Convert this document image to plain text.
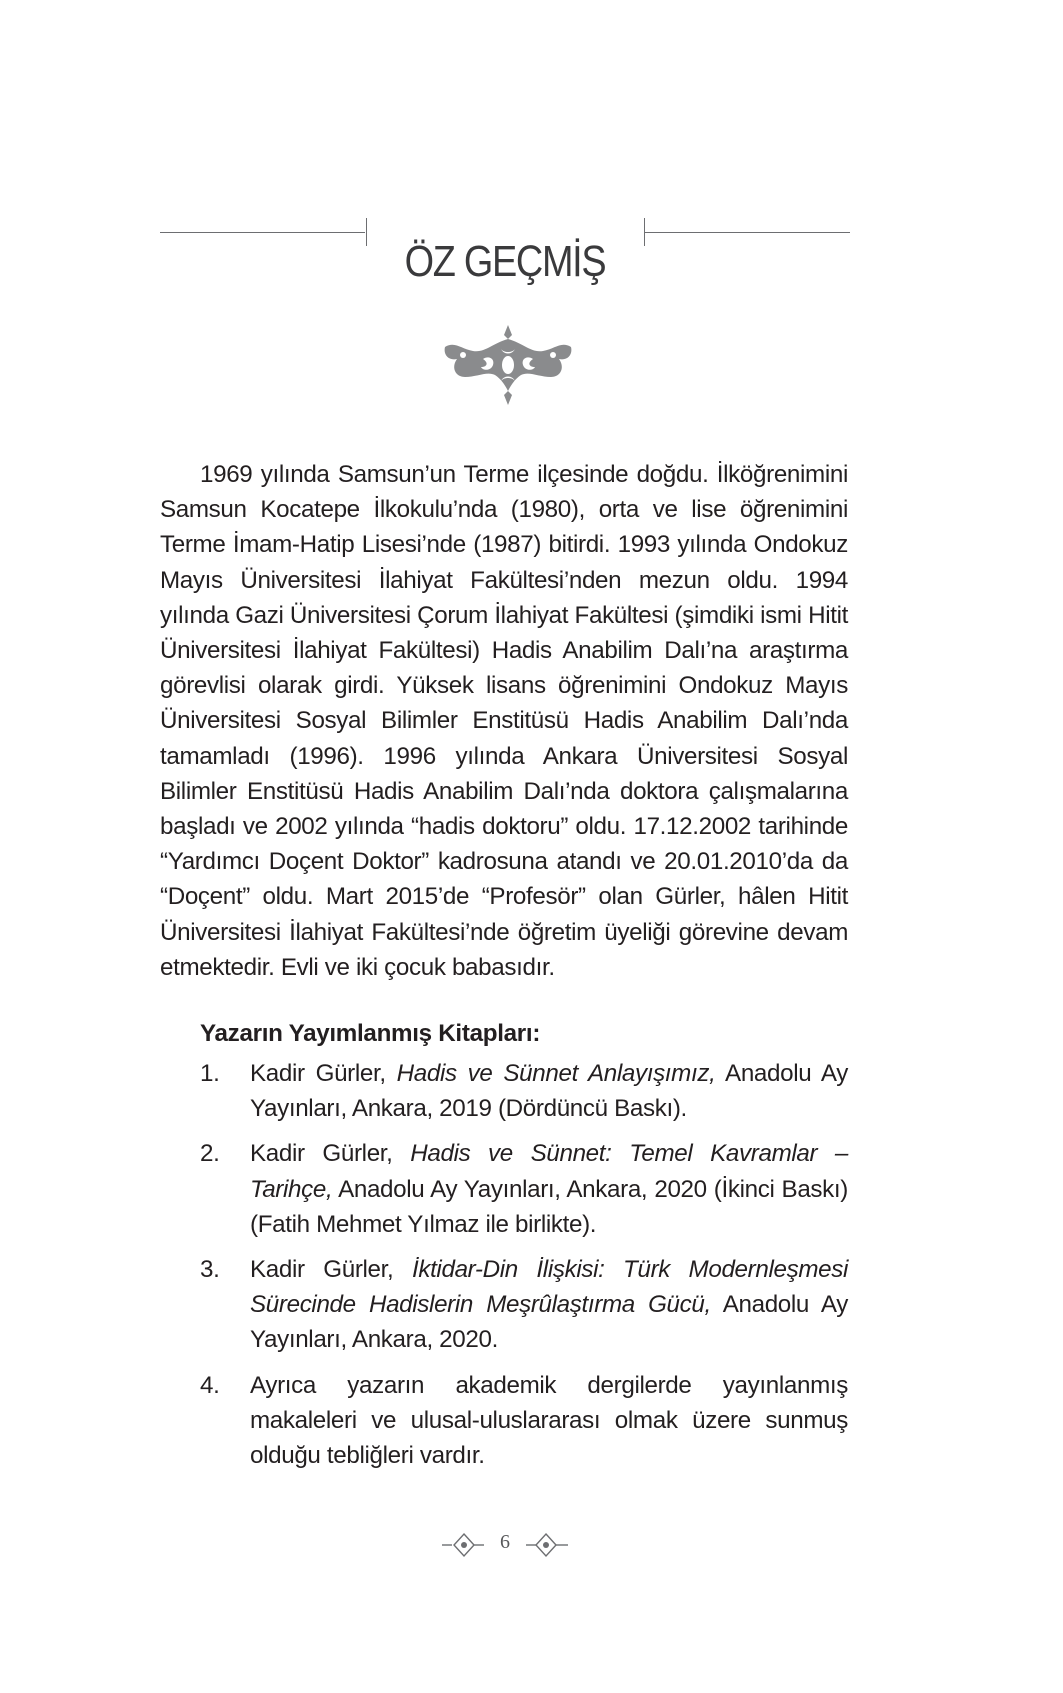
ÖZ GEÇMİŞ

1969 yılında Samsun’un Terme ilçesinde doğdu. İlköğrenimini Samsun Kocatepe İlkokulu’nda (1980), orta ve lise öğrenimini Terme İmam-Hatip Lisesi’nde (1987) bitirdi. 1993 yılında Ondokuz Mayıs Üniversitesi İlahiyat Fakültesi’nden mezun oldu. 1994 yılında Gazi Üniversitesi Çorum İlahiyat Fakültesi (şimdiki ismi Hitit Üniversitesi İlahiyat Fakültesi) Hadis Anabilim Dalı’na araştırma görevlisi olarak girdi. Yüksek lisans öğrenimini Ondokuz Mayıs Üniversitesi Sosyal Bilimler Enstitüsü Hadis Anabilim Dalı’nda tamamladı (1996). 1996 yılında Ankara Üniversitesi Sosyal Bilimler Enstitüsü Hadis Anabilim Dalı’nda doktora çalışmalarına başladı ve 2002 yılında “hadis doktoru” oldu. 17.12.2002 tarihinde “Yardımcı Doçent Doktor” kadrosuna atandı ve 20.01.2010’da da “Doçent” oldu. Mart 2015’de “Profesör” olan Gürler, hâlen Hitit Üniversitesi İlahiyat Fakültesi’nde öğretim üyeliği görevine devam etmektedir. Evli ve iki çocuk babasıdır.

Yazarın Yayımlanmış Kitapları:
1. Kadir Gürler, Hadis ve Sünnet Anlayışımız, Anadolu Ay Yayınları, Ankara, 2019 (Dördüncü Baskı).
2. Kadir Gürler, Hadis ve Sünnet: Temel Kavramlar – Tarihçe, Anadolu Ay Yayınları, Ankara, 2020 (İkinci Baskı) (Fatih Mehmet Yılmaz ile birlikte).
3. Kadir Gürler, İktidar-Din İlişkisi: Türk Modernleşmesi Sürecinde Hadislerin Meşrûlaştırma Gücü, Anadolu Ay Yayınları, Ankara, 2020.
4. Ayrıca yazarın akademik dergilerde yayınlanmış makaleleri ve ulusal-uluslararası olmak üzere sunmuş olduğu tebliğleri vardır.
6
